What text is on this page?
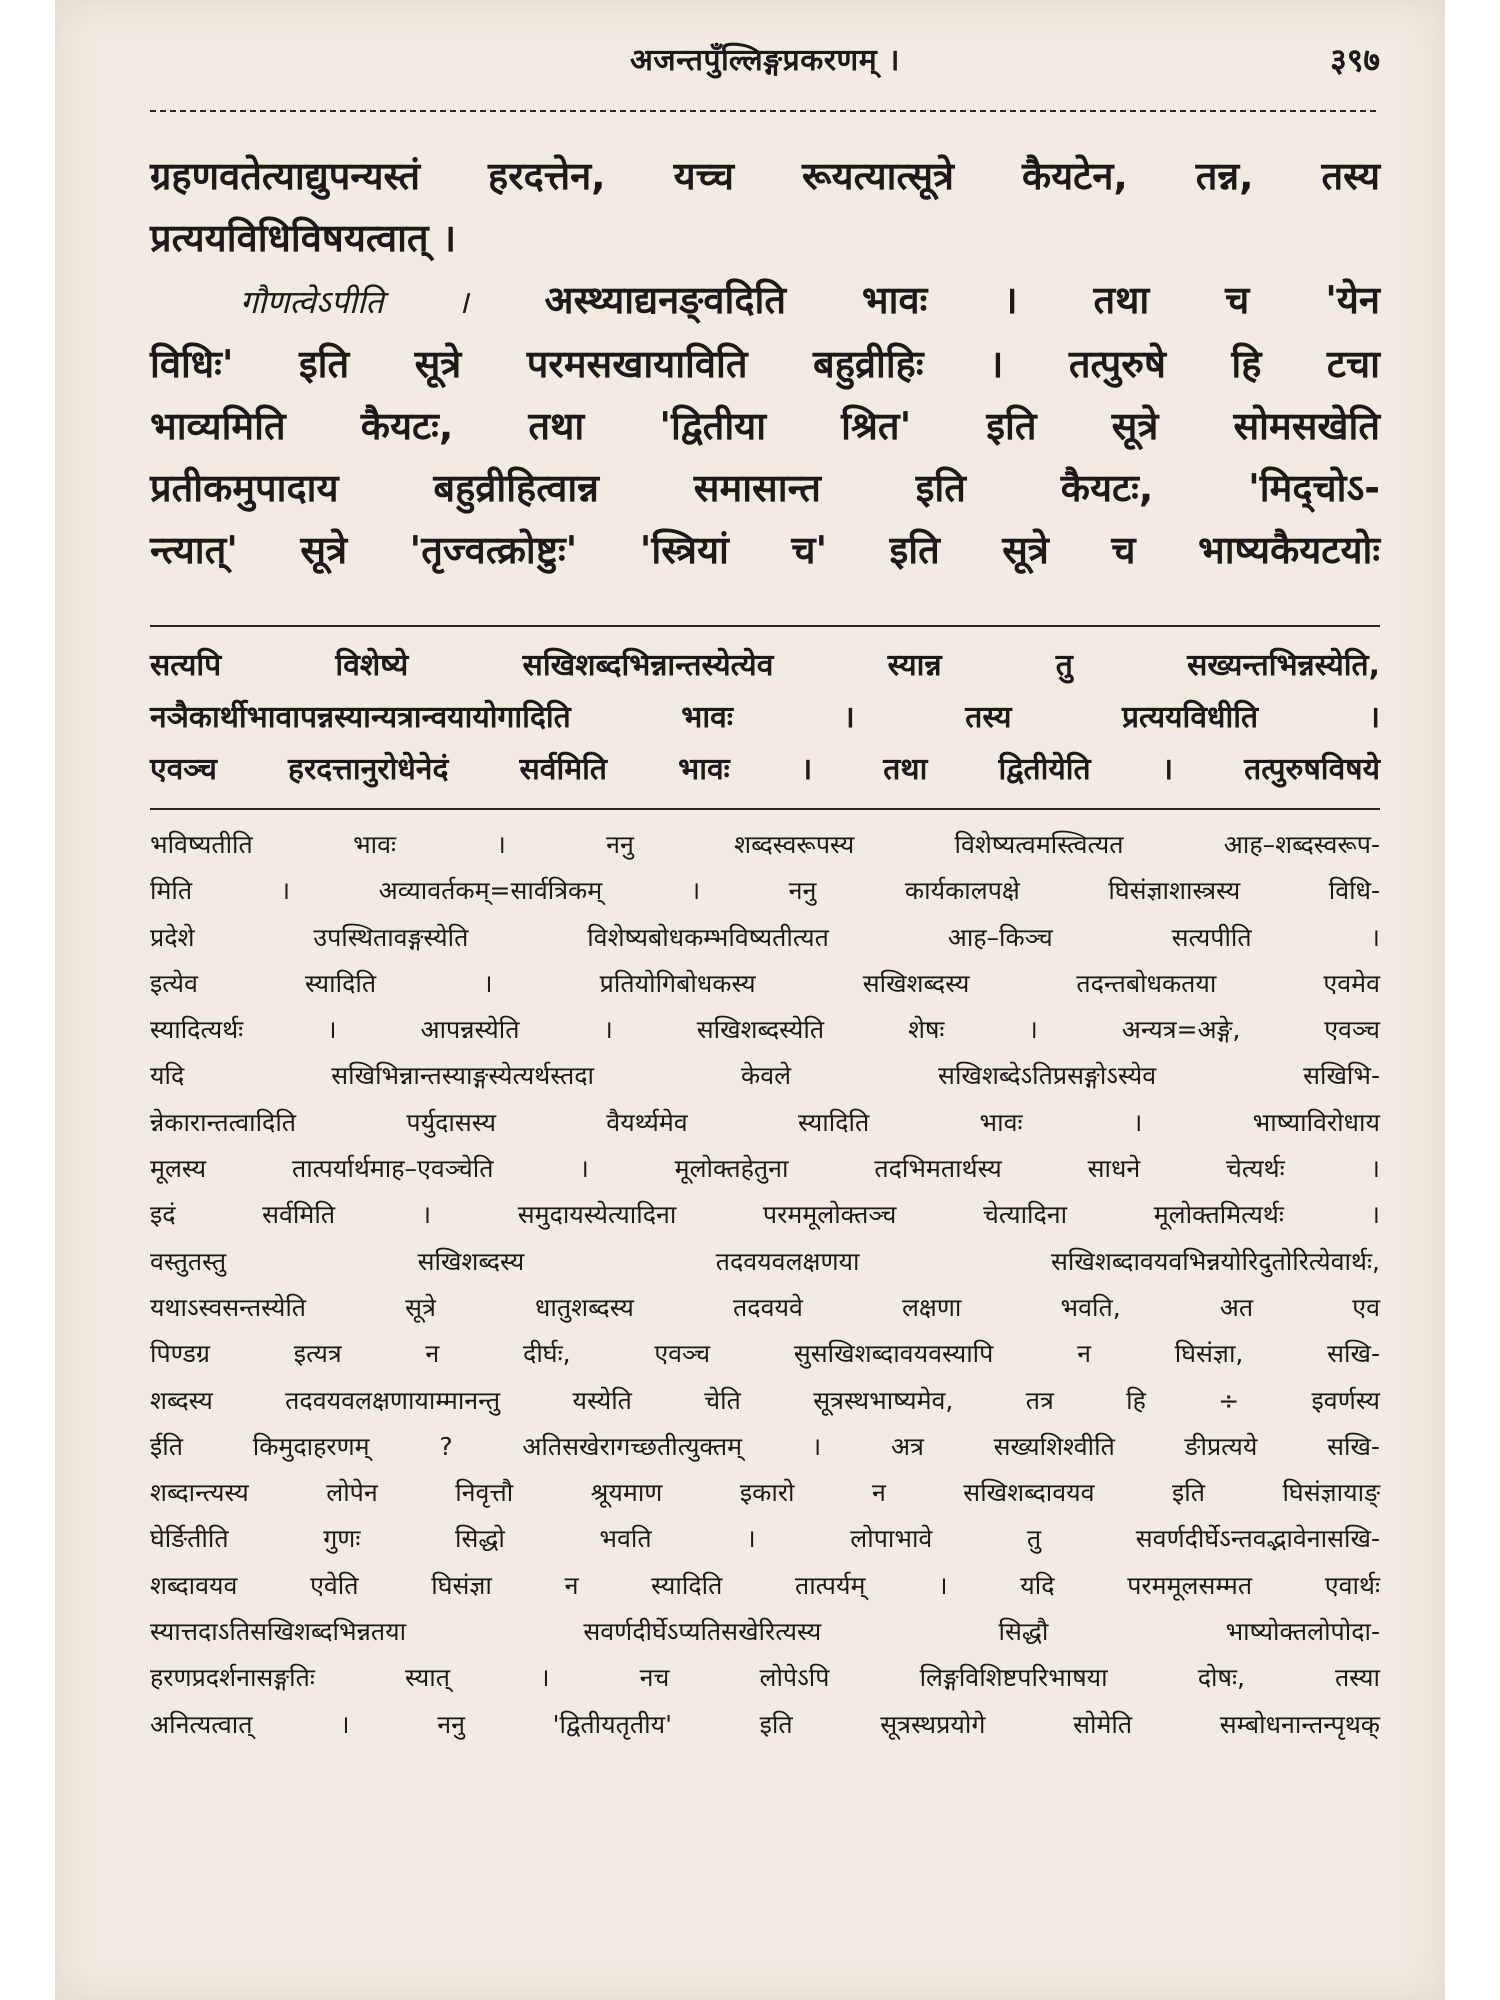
अजन्तपुँल्लिङ्गप्रकरणम् ।	३९७

ग्रहणवतेत्याद्युपन्यस्तं हरदत्तेन, यच्च रूयत्यात्सूत्रे कैयटेन, तन्न, तस्य

प्रत्ययविधिविषयत्वात् ।

गौणत्वेऽपीति । अस्थ्याद्यनङ्वदिति भावः । तथा च 'येन

विधिः' इति सूत्रे परमसखायाविति बहुव्रीहिः । तत्पुरुषे हि टचा

भाव्यमिति कैयटः, तथा 'द्वितीया श्रित' इति सूत्रे सोमसखेति

प्रतीकमुपादाय बहुव्रीहित्वान्न समासान्त इति कैयटः, 'मिद्चोऽ-

न्त्यात्' सूत्रे 'तृज्वत्क्रोष्टुः' 'स्त्रियां च' इति सूत्रे च भाष्यकैयटयोः

सत्यपि विशेष्ये सखिशब्दभिन्नान्तस्येत्येव स्यान्न तु सख्यन्तभिन्नस्येति,

नञैकार्थीभावापन्नस्यान्यत्रान्वयायोगादिति भावः । तस्य प्रत्ययविधीति ।

एवञ्च हरदत्तानुरोधेनेदं सर्वमिति भावः । तथा द्वितीयेति । तत्पुरुषविषये

भविष्यतीति भावः । ननु शब्दस्वरूपस्य विशेष्यत्वमस्त्वित्यत आह–शब्दस्वरूप-

मिति । अव्यावर्तकम्=सार्वत्रिकम् । ननु कार्यकालपक्षे घिसंज्ञाशास्त्रस्य विधि-

प्रदेशे उपस्थितावङ्गस्येति विशेष्यबोधकम्भविष्यतीत्यत आह–किञ्च सत्यपीति ।

इत्येव स्यादिति । प्रतियोगिबोधकस्य सखिशब्दस्य तदन्तबोधकतया एवमेव

स्यादित्यर्थः । आपन्नस्येति । सखिशब्दस्येति शेषः । अन्यत्र=अङ्गे, एवञ्च

यदि सखिभिन्नान्तस्याङ्गस्येत्यर्थस्तदा केवले सखिशब्देऽतिप्रसङ्गोऽस्येव सखिभि-

न्नेकारान्तत्वादिति पर्युदासस्य वैयर्थ्यमेव स्यादिति भावः । भाष्याविरोधाय

मूलस्य तात्पर्यार्थमाह–एवञ्चेति । मूलोक्तहेतुना तदभिमतार्थस्य साधने चेत्यर्थः ।

इदं सर्वमिति । समुदायस्येत्यादिना परममूलोक्तञ्च चेत्यादिना मूलोक्तमित्यर्थः ।

वस्तुतस्तु सखिशब्दस्य तदवयवलक्षणया सखिशब्दावयवभिन्नयोरिदुतोरित्येवार्थः,

यथाऽस्वसन्तस्येति सूत्रे धातुशब्दस्य तदवयवे लक्षणा भवति, अत एव

पिण्डग्र इत्यत्र न दीर्घः, एवञ्च सुसखिशब्दावयवस्यापि न घिसंज्ञा, सखि-

शब्दस्य तदवयवलक्षणायाम्मानन्तु यस्येति चेति सूत्रस्थभाष्यमेव, तत्र हि ÷ इवर्णस्य

ईति किमुदाहरणम् ? अतिसखेरागच्छतीत्युक्तम् । अत्र सख्यशिश्वीति ङीप्रत्यये सखि-

शब्दान्त्यस्य लोपेन निवृत्तौ श्रूयमाण इकारो न सखिशब्दावयव इति घिसंज्ञायाङ्

घेर्ङितीति गुणः सिद्धो भवति । लोपाभावे तु सवर्णदीर्घेऽन्तवद्भावेनासखि-

शब्दावयव एवेति घिसंज्ञा न स्यादिति तात्पर्यम् । यदि परममूलसम्मत एवार्थः

स्यात्तदाऽतिसखिशब्दभिन्नतया सवर्णदीर्घेऽप्यतिसखेरित्यस्य सिद्धौ भाष्योक्तलोपोदा-

हरणप्रदर्शनासङ्गतिः स्यात् । नच लोपेऽपि लिङ्गविशिष्टपरिभाषया दोषः, तस्या

अनित्यत्वात् । ननु 'द्वितीयतृतीय' इति सूत्रस्थप्रयोगे सोमेति सम्बोधनान्तन्पृथक्
